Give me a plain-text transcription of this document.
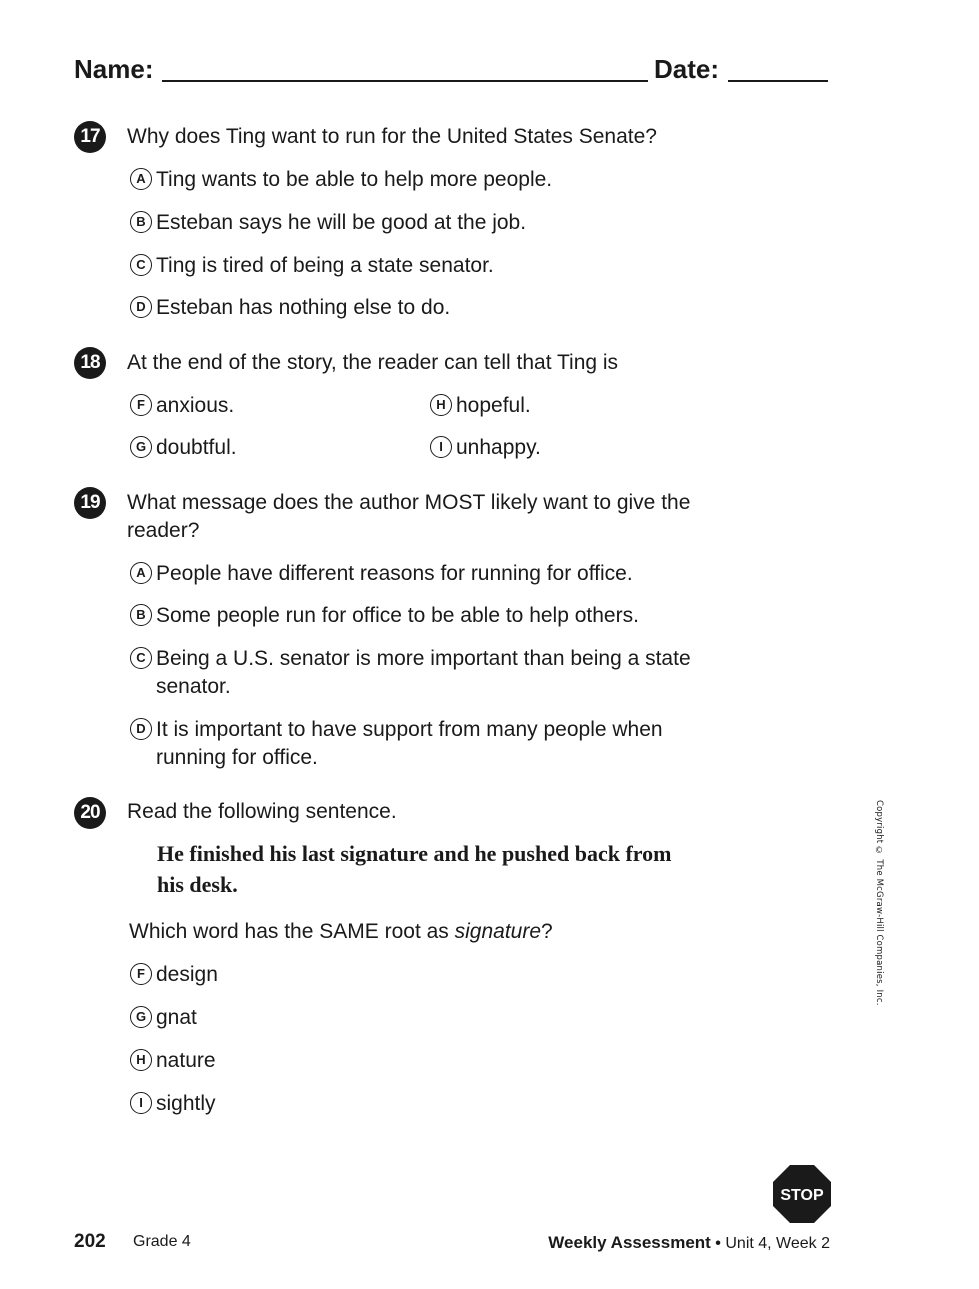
Name:	Date:
17	Why does Ting want to run for the United States Senate?
A Ting wants to be able to help more people.
B Esteban says he will be good at the job.
C Ting is tired of being a state senator.
D Esteban has nothing else to do.
18	At the end of the story, the reader can tell that Ting is
F anxious.
G doubtful.
H hopeful.
I unhappy.
19	What message does the author MOST likely want to give the reader?
A People have different reasons for running for office.
B Some people run for office to be able to help others.
C Being a U.S. senator is more important than being a state senator.
D It is important to have support from many people when running for office.
20	Read the following sentence.
He finished his last signature and he pushed back from his desk.
Which word has the SAME root as signature?
F design
G gnat
H nature
I sightly
Copyright © The McGraw-Hill Companies, Inc.
STOP
202 Grade 4	Weekly Assessment • Unit 4, Week 2
